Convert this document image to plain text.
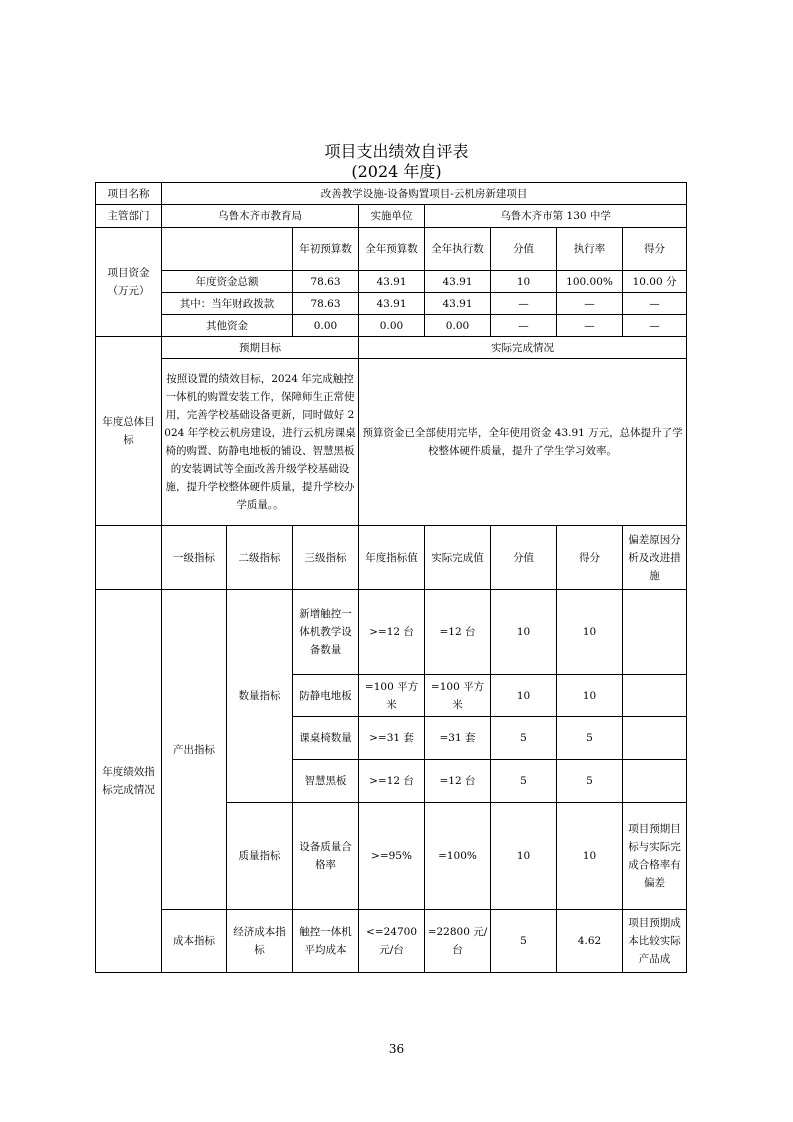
项目支出绩效自评表
(2024 年度)
项目名称	改善教学设施-设备购置项目-云机房新建项目							
主管部门	乌鲁木齐市教育局			实施单位	乌鲁木齐市第 130 中学			
项目资金（万元）			年初预算数	全年预算数	全年执行数	分值	执行率	得分
	年度资金总额		78.63	43.91	43.91	10	100.00%	10.00 分
	其中：当年财政拨款		78.63	43.91	43.91	—	—	—
	其他资金		0.00	0.00	0.00	—	—	—
年度总体目标	预期目标			实际完成情况				
	按照设置的绩效目标，2024 年完成触控一体机的购置安装工作，保障师生正常使用，完善学校基础设备更新，同时做好 2024 年学校云机房建设，进行云机房课桌椅的购置、防静电地板的铺设、智慧黑板的安装调试等全面改善升级学校基础设施，提升学校整体硬件质量，提升学校办学质量。。			预算资金已全部使用完毕，全年使用资金 43.91 万元，总体提升了学校整体硬件质量，提升了学生学习效率。				
	一级指标	二级指标	三级指标	年度指标值	实际完成值	分值	得分	偏差原因分析及改进措施
年度绩效指标完成情况	产出指标	数量指标	新增触控一体机教学设备数量	>=12 台	=12 台	10	10	
			防静电地板	=100 平方米	=100 平方米	10	10	
			课桌椅数量	>=31 套	=31 套	5	5	
			智慧黑板	>=12 台	=12 台	5	5	
		质量指标	设备质量合格率	>=95%	=100%	10	10	项目预期目标与实际完成合格率有偏差
	成本指标	经济成本指标	触控一体机平均成本	<=24700 元/台	=22800 元/台	5	4.62	项目预期成本比较实际产品成
36
